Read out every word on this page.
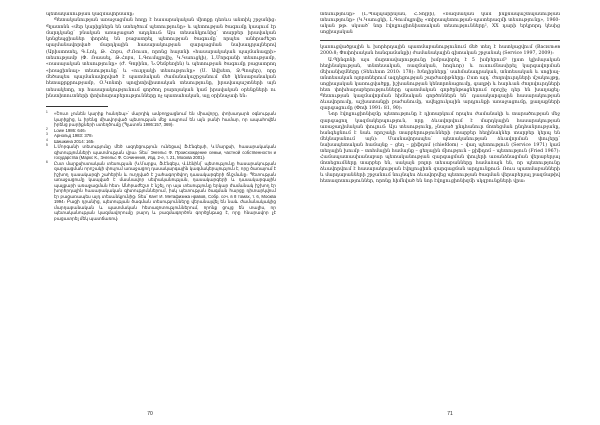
պետականության կազմավորմանը։

Պետականության առաջացման հողը է հասարակական միտքը դեռևս անտիկ շրջանից։ Պլատոնն «մեր կարիքներն են ստեղծում պետությունը» և պետության ծագումը կապում էր մարդկանց՝ բնական առաջացած ադդնում։ Այս տեսանկյունից՝ տարբեր իրավական կոնցեպցիաներ փորձել են բացատրել պետության ծագումը՝ որպես անհրաժեշտ պայմանավորված մարդկային հասարակության զարգացման նախադրյալներով (Արիստոտել, Գ.Լոկ, Թ. Հոբս, Ժ.Ռուսո, որոնց հայտնի «հասարակական պայմանագրի» տեսությամբ (Փ. Ռասսել, Թ.Հոբս, Լ.Գումպլովիչ, Կ.Կաուցկի), Լ.Մորգանի տեսությամբ, «ռասայական տեսությունը» (Ժ. Գոբինո, Ն.Չեմբեռլեն) և պետության ծագումը բացատրող «իռացիոնալ» տեսությունը՝ և «ուղղակի տեսությունը» (Ս. Ավխետ, Ջ.Պոպեր), որը մեծապես պայմանավորված է պատմական ժամանակաշրջանում մեծ կենսաբանական հետաքրքրությամբ, Օ.Կոնտի պոզիտիվիստական տեսությունը, իրավապաշտների այն տեսակետը, որ հասարակությունում գործող բարոյական կամ իրավական օրենքների ու ինստիտուտների փոխհարաբերությունները ոչ պատահական, այլ օրինաչափ են։

1 «Շուտ չունեն կարիք հանդեպ»՝ մարդիկ ամբողջացնում են միավորը, փոխադարձ օգնության կարիքից, և իրենց միավորված պետության մեջ ապրում են այն բանի համար, որ ապահովեն իրենց բարիքների ստեղծումը (Պլատոն 1986:157, 369)։
2 Lowe 1986: 646։
3 Арнольд 1983: 378։
4 Шишкина 2014: 165։
5 Լ.Մորգանի տեսությունը մեծ ազդեցություն ունեցավ Ֆ.Էնգելսի, Կ.Մարքսի, հասարակական գիտությունների պատմության վրա։ Տես՝ Энгельс Ф. Происхождение семьи, частной собственности и государства (Маркс К., Энгельс Ф. Сочинения, Изд. 2-е, т. 21, Москва 2001)։
6 Ըստ մարքսիստական տեսության (Կ.Մարքս, Ֆ.Էնգելս, Վ.Լենին)՝ պետությունը հասարակության զարգացման որոշակի փուլում առաջացող դասակարգային կազմակերպություն է, որը ծառայում է իշխող դասակարգի շահերին և ուղղված է շահագործվող դասակարգերի ճնշմանը։ Պետության առաջացումը կապված է մասնավոր սեփականության, դասակարգերի և դասակարգային պայքարի առաջացման հետ։ Անհրաժեշտ է նշել, որ այս տեսությունը երկար ժամանակ իշխող էր խորհրդային հասարակական գիտություններում, իսկ պետության ծագման հարցը դիտարկվում էր բացառապես այդ տեսանկյունից։ Տես՝ Кант И. Метафизика нравов, Собр. соч. в 8 томах, т. 6, Москва 1994։ Բացի դրանից, պետության ծագման տեսությունները վերանայվել են նաև ժամանակակից մարդաբանական և պատմական հետազոտություններում, որոնք ցույց են տալիս, որ պետականության կազմավորումը բարդ և բազմագործոն գործընթաց է, որը հնարավոր չէ բացատրել մեկ պատճառով։
70

տեսությունը» (Լ.Պալպարինյան, Հ.Տոյբի), «ռազմական կամ ինքնապաշտպանության տեսությունը» (Կ.Կաուցկի, Լ.Գումպլովիչ «տիրապետության-պատերազմի տեսությունը», 1960-ական թթ. սկսած՝ նոր էվոլյուցիոնիստական տեսությունները², XX դարի երկրորդ կեսից սոցիալական

կառուցվածքային և խորհրդային պատմաբանությունում մեծ տեղ է հատկացվում (Васильев 2000:8; Փոփոխական հանգամանքի) ժամանակային գիտական շրջանակ (Service 1997, 2009)։

Ա.Պինգոնի այս մարտավարությունը խմբավորել է 5 խմբերում³ (ըստ կլիմայական հեղինակության, տնտեսական, ռազմական, հոգևոր) և ուսումնասիրել կարգավորման մեխանիզմները (Տեեւեստ 2010: 178)։ Խնդիրները՝ սահմանադրական, տնտեսական և սոցիալ-տնտեսական ոլորտներում ազդեցության շարժառիթները։ Ըստ այդ՝ ժողովուրդների մշակույթը, սոցիալական կառուցվածքը, իշխանության կենտրոնացումը, գաղթի և հարևան ժողովուրդների հետ փոխհարաբերությունները պատմական գործընթացներում որոշիչ դեր են խաղացել։ Պետության կազմավորման հիմնական գործոններն են՝ դասակարգային հասարակության ձևավորումը, աշխատանքի բաժանումը, ավելցուկային արդյունքի առաջացումը, քաղաքների զարգացումը (Փոփ 1991: 81, 90)։

Նոր էվոլյուցիոնիզմը պետությունը է դիտարկում որպես ժամանակի և տարածության մեջ զարգացող կազմակերպություն, որը ձևավորվում է մարդկային հասարակության առաջադիմական փուլում։ Այս տեսությունը, չնայած ընդհանուր մոտեցման ընդհանրությանը, հանգեցնում է նաև որոշակի տարբերությունների (տարբեր հեղինակներ տարբեր կերպ են մեկնաբանում այն)։ Մասնավորապես՝ պետականության ձևավորման փուլերը՝ նախապետական համայնք – ցեղ – քիֆդոմ (chiefdom) – վաղ պետություն (Service 1971) կամ տեղային խումբ – տոհմային համայնք – ցեղային միություն – քիֆդոմ – պետություն (Fried 1967): Համապատասխանաբար պետականության զարգացման փուլերի առանձնացման վերաբերյալ մոտեցումները տարբեր են, սակայն բոլոր տեսաբանները համաձայն են, որ պետությունը ձևավորվում է հասարակության էվոլյուցիոն զարգացման արդյունքում։ Ռուս պատմաբանների և մարդաբանների շրջանում նույնպես ձևավորվեց պետության ծագման վերաբերյալ բազմաթիվ հետազոտություններ, որոնք հիմնված են նոր էվոլյուցիոնիզմի սկզբունքների վրա։

71
